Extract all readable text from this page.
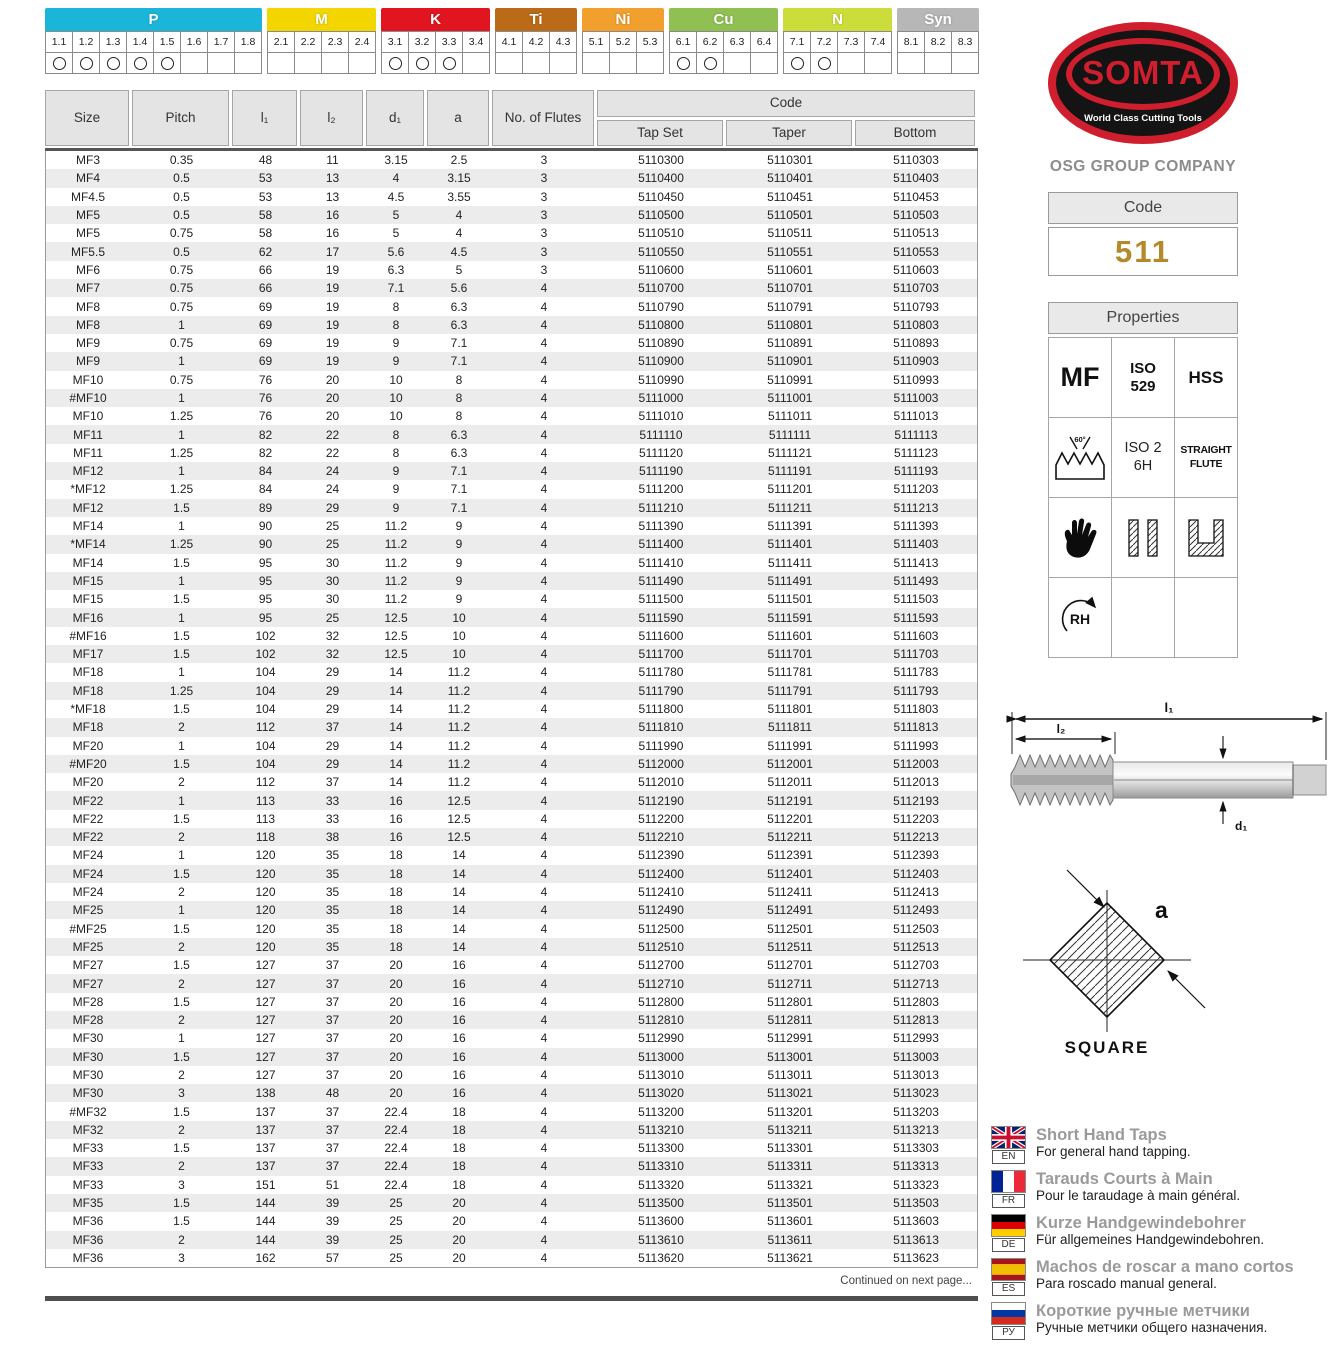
P
1.1	1.2	1.3	1.4	1.5	1.6	1.7	1.8
M
2.1	2.2	2.3	2.4
K
3.1	3.2	3.3	3.4
Ti
4.1	4.2	4.3
Ni
5.1	5.2	5.3
Cu
6.1	6.2	6.3	6.4
N
7.1	7.2	7.3	7.4
Syn
8.1	8.2	8.3
Size	Pitch	l₁	l₂	d₁	a	No. of Flutes
Code
Tap Set	Taper	Bottom
MF3	0.35	48	11	3.15	2.5	3	5110300	5110301	5110303
MF4	0.5	53	13	4	3.15	3	5110400	5110401	5110403
MF4.5	0.5	53	13	4.5	3.55	3	5110450	5110451	5110453
MF5	0.5	58	16	5	4	3	5110500	5110501	5110503
MF5	0.75	58	16	5	4	3	5110510	5110511	5110513
MF5.5	0.5	62	17	5.6	4.5	3	5110550	5110551	5110553
MF6	0.75	66	19	6.3	5	3	5110600	5110601	5110603
MF7	0.75	66	19	7.1	5.6	4	5110700	5110701	5110703
MF8	0.75	69	19	8	6.3	4	5110790	5110791	5110793
MF8	1	69	19	8	6.3	4	5110800	5110801	5110803
MF9	0.75	69	19	9	7.1	4	5110890	5110891	5110893
MF9	1	69	19	9	7.1	4	5110900	5110901	5110903
MF10	0.75	76	20	10	8	4	5110990	5110991	5110993
#MF10	1	76	20	10	8	4	5111000	5111001	5111003
MF10	1.25	76	20	10	8	4	5111010	5111011	5111013
MF11	1	82	22	8	6.3	4	5111110	5111111	5111113
MF11	1.25	82	22	8	6.3	4	5111120	5111121	5111123
MF12	1	84	24	9	7.1	4	5111190	5111191	5111193
*MF12	1.25	84	24	9	7.1	4	5111200	5111201	5111203
MF12	1.5	89	29	9	7.1	4	5111210	5111211	5111213
MF14	1	90	25	11.2	9	4	5111390	5111391	5111393
*MF14	1.25	90	25	11.2	9	4	5111400	5111401	5111403
MF14	1.5	95	30	11.2	9	4	5111410	5111411	5111413
MF15	1	95	30	11.2	9	4	5111490	5111491	5111493
MF15	1.5	95	30	11.2	9	4	5111500	5111501	5111503
MF16	1	95	25	12.5	10	4	5111590	5111591	5111593
#MF16	1.5	102	32	12.5	10	4	5111600	5111601	5111603
MF17	1.5	102	32	12.5	10	4	5111700	5111701	5111703
MF18	1	104	29	14	11.2	4	5111780	5111781	5111783
MF18	1.25	104	29	14	11.2	4	5111790	5111791	5111793
*MF18	1.5	104	29	14	11.2	4	5111800	5111801	5111803
MF18	2	112	37	14	11.2	4	5111810	5111811	5111813
MF20	1	104	29	14	11.2	4	5111990	5111991	5111993
#MF20	1.5	104	29	14	11.2	4	5112000	5112001	5112003
MF20	2	112	37	14	11.2	4	5112010	5112011	5112013
MF22	1	113	33	16	12.5	4	5112190	5112191	5112193
MF22	1.5	113	33	16	12.5	4	5112200	5112201	5112203
MF22	2	118	38	16	12.5	4	5112210	5112211	5112213
MF24	1	120	35	18	14	4	5112390	5112391	5112393
MF24	1.5	120	35	18	14	4	5112400	5112401	5112403
MF24	2	120	35	18	14	4	5112410	5112411	5112413
MF25	1	120	35	18	14	4	5112490	5112491	5112493
#MF25	1.5	120	35	18	14	4	5112500	5112501	5112503
MF25	2	120	35	18	14	4	5112510	5112511	5112513
MF27	1.5	127	37	20	16	4	5112700	5112701	5112703
MF27	2	127	37	20	16	4	5112710	5112711	5112713
MF28	1.5	127	37	20	16	4	5112800	5112801	5112803
MF28	2	127	37	20	16	4	5112810	5112811	5112813
MF30	1	127	37	20	16	4	5112990	5112991	5112993
MF30	1.5	127	37	20	16	4	5113000	5113001	5113003
MF30	2	127	37	20	16	4	5113010	5113011	5113013
MF30	3	138	48	20	16	4	5113020	5113021	5113023
#MF32	1.5	137	37	22.4	18	4	5113200	5113201	5113203
MF32	2	137	37	22.4	18	4	5113210	5113211	5113213
MF33	1.5	137	37	22.4	18	4	5113300	5113301	5113303
MF33	2	137	37	22.4	18	4	5113310	5113311	5113313
MF33	3	151	51	22.4	18	4	5113320	5113321	5113323
MF35	1.5	144	39	25	20	4	5113500	5113501	5113503
MF36	1.5	144	39	25	20	4	5113600	5113601	5113603
MF36	2	144	39	25	20	4	5113610	5113611	5113613
MF36	3	162	57	25	20	4	5113620	5113621	5113623
Continued on next page...
SOMTA
World Class Cutting Tools
OSG GROUP COMPANY
Code
511
Properties
MF	ISO 529	HSS
60°
ISO 2 6H
STRAIGHT FLUTE
RH
l₁
l₂
d₁
a
SQUARE
EN
Short Hand Taps
For general hand tapping.
FR
Tarauds Courts à Main
Pour le taraudage à main général.
DE
Kurze Handgewindebohrer
Für allgemeines Handgewindebohren.
ES
Machos de roscar a mano cortos
Para roscado manual general.
РУ
Короткие ручные метчики
Ручные метчики общего назначения.
